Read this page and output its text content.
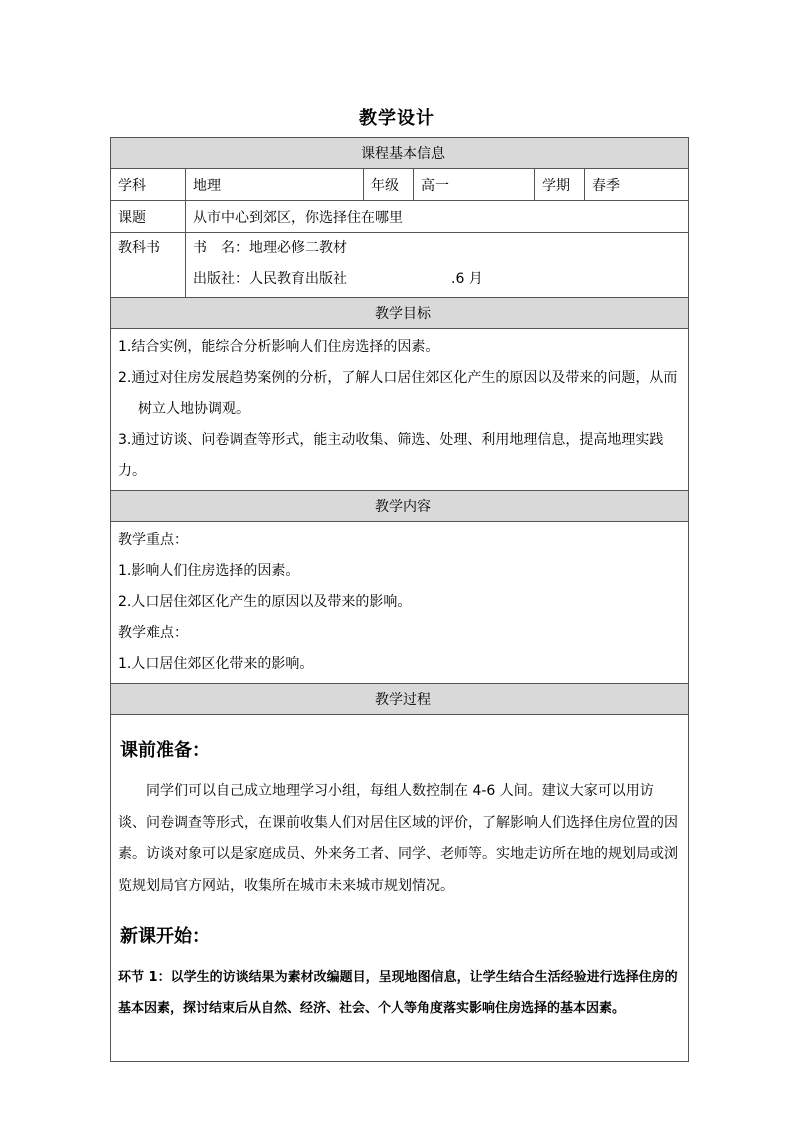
教学设计
课程基本信息					
学科	地理	年级	高一	学期	春季
课题	从市中心到郊区，你选择住在哪里				
教科书	书　名：地理必修二教材
出版社：人民教育出版社 .6 月				

教学目标					

1.结合实例，能综合分析影响人们住房选择的因素。
2.通过对住房发展趋势案例的分析，了解人口居住郊区化产生的原因以及带来的问题，从而
树立人地协调观。
3.通过访谈、问卷调查等形式，能主动收集、筛选、处理、利用地理信息，提高地理实践力。					

教学内容					

教学重点：
1.影响人们住房选择的因素。
2.人口居住郊区化产生的原因以及带来的影响。
教学难点：
1.人口居住郊区化带来的影响。					

教学过程					

课前准备：

同学们可以自己成立地理学习小组，每组人数控制在 4-6 人间。建议大家可以用访谈、问卷调查等形式，在课前收集人们对居住区域的评价，了解影响人们选择住房位置的因素。访谈对象可以是家庭成员、外来务工者、同学、老师等。实地走访所在地的规划局或浏览规划局官方网站，收集所在城市未来城市规划情况。

新课开始：

环节 1：以学生的访谈结果为素材改编题目，呈现地图信息，让学生结合生活经验进行选择住房的基本因素，探讨结束后从自然、经济、社会、个人等角度落实影响住房选择的基本因素。					
